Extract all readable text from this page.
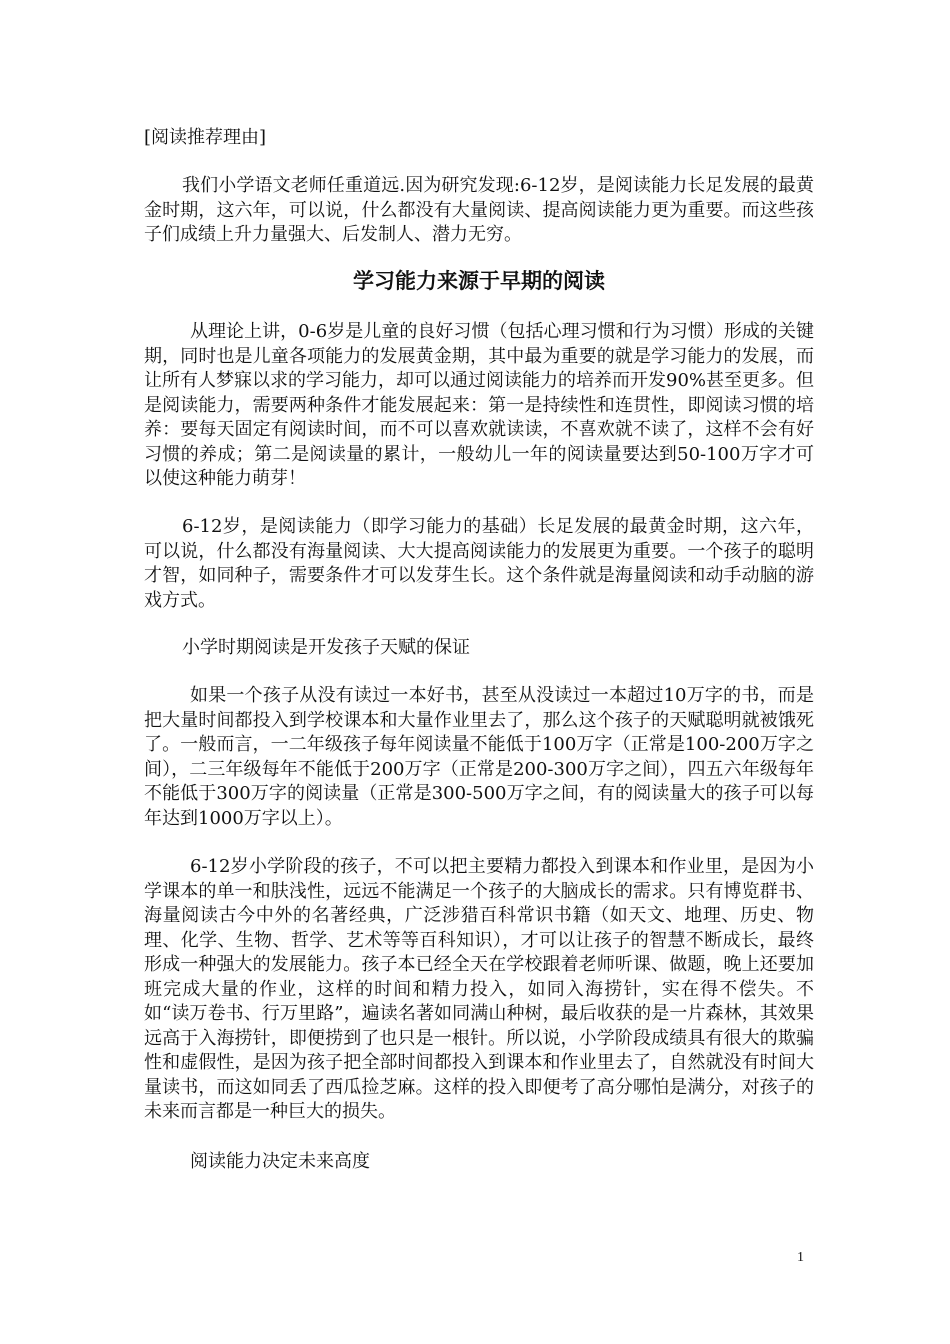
[阅读推荐理由]

我们小学语文老师任重道远.因为研究发现:6-12岁，是阅读能力长足发展的最黄金时期，这六年，可以说，什么都没有大量阅读、提高阅读能力更为重要。而这些孩子们成绩上升力量强大、后发制人、潜力无穷。

学习能力来源于早期的阅读

从理论上讲，0-6岁是儿童的良好习惯（包括心理习惯和行为习惯）形成的关键期，同时也是儿童各项能力的发展黄金期，其中最为重要的就是学习能力的发展，而让所有人梦寐以求的学习能力，却可以通过阅读能力的培养而开发90%甚至更多。但是阅读能力，需要两种条件才能发展起来：第一是持续性和连贯性，即阅读习惯的培养：要每天固定有阅读时间，而不可以喜欢就读读，不喜欢就不读了，这样不会有好习惯的养成；第二是阅读量的累计，一般幼儿一年的阅读量要达到50-100万字才可以使这种能力萌芽！

6-12岁，是阅读能力（即学习能力的基础）长足发展的最黄金时期，这六年，可以说，什么都没有海量阅读、大大提高阅读能力的发展更为重要。一个孩子的聪明才智，如同种子，需要条件才可以发芽生长。这个条件就是海量阅读和动手动脑的游戏方式。

小学时期阅读是开发孩子天赋的保证

如果一个孩子从没有读过一本好书，甚至从没读过一本超过10万字的书，而是把大量时间都投入到学校课本和大量作业里去了，那么这个孩子的天赋聪明就被饿死了。一般而言，一二年级孩子每年阅读量不能低于100万字（正常是100-200万字之间），二三年级每年不能低于200万字（正常是200-300万字之间），四五六年级每年不能低于300万字的阅读量（正常是300-500万字之间，有的阅读量大的孩子可以每年达到1000万字以上）。

6-12岁小学阶段的孩子，不可以把主要精力都投入到课本和作业里，是因为小学课本的单一和肤浅性，远远不能满足一个孩子的大脑成长的需求。只有博览群书、海量阅读古今中外的名著经典，广泛涉猎百科常识书籍（如天文、地理、历史、物理、化学、生物、哲学、艺术等等百科知识），才可以让孩子的智慧不断成长，最终形成一种强大的发展能力。孩子本已经全天在学校跟着老师听课、做题，晚上还要加班完成大量的作业，这样的时间和精力投入，如同入海捞针，实在得不偿失。不如“读万卷书、行万里路”，遍读名著如同满山种树，最后收获的是一片森林，其效果远高于入海捞针，即便捞到了也只是一根针。所以说，小学阶段成绩具有很大的欺骗性和虚假性，是因为孩子把全部时间都投入到课本和作业里去了，自然就没有时间大量读书，而这如同丢了西瓜捡芝麻。这样的投入即便考了高分哪怕是满分，对孩子的未来而言都是一种巨大的损失。

阅读能力决定未来高度

1
